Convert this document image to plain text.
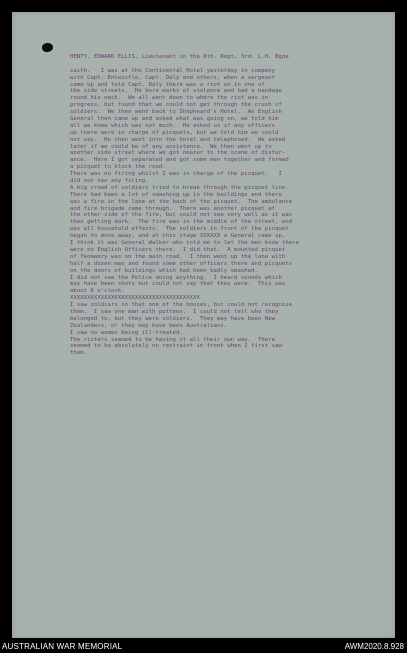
HENTY, EDWARD ELLIS, Lieutenant in the 8th. Regt. 3rd. L.H. Bgde
saith.   I was at the Continental Hotel yesterday in company
with Capt. Entwistle, Capt. Daly and others, when a sergeant
came up and told Capt. Daly there was a riot on in one of
the side streets.  He bore marks of violence and had a bandage
round his neck.  We all went down to where the riot was in
progress, but found that we could not get through the crush of
soldiers.  We then went back to Shepheard's Hotel.  An English
General then came up and asked what was going on, we told him
all we knew which was not much.  He asked us if any officers
up there were in charge of picquets, but we told him we could
not say.  He then went into the hotel and telephoned.  We asked
later if we could be of any assistance.  We then went up to
another side street where we got nearer to the scene of distur-
ance.  Here I got separated and got some men together and formed
a picquet to block the road.
There was no firing whilst I was in charge of the picquet.   I
did not see any firing.
A big crowd of soldiers tried to break through the picquet line.
There had been a lot of smashing up in the buildings and there
was a fire in the lane at the back of the picquet.  The ambulance
and fire brigade came through.  There was another picquet at
the other side of the fire, but could not see very well as it was
then getting dark.  The fire was in the middle of the street, and
was all household effects.  The soldiers in front of the picquet
began to move away, and at this stage XXXXXX a General came up,
I think it was General Walker who told me to let the men know there
were no English Officers there.  I did that.  A mounted picquet
of Yeomanry was on the main road.  I then went up the lane with
half a dozen men and found some other officers there and picquets
on the doors of buildings which had been badly smashed.
I did not see the Police doing anything.  I heard sounds which
may have been shots but could not say that they were.  This was
about 6 o'clock.
XXXXXXXXXXXXXXXXXXXXXXXXXXXXXXXXXXXXXX
I saw soldiers in that one of the houses, but could not recognise
them.  I saw one man with puttees.  I could not tell who they
belonged to, but they were soldiers.  They may have been New
Zealanders, or they may have been Australians.
I saw no women being ill-treated.
The rioters seemed to be having it all their own way.  There
seemed to be absolutely no restraint in front when I first saw
them.
AUSTRALIAN WAR MEMORIAL	AWM2020.8.928
